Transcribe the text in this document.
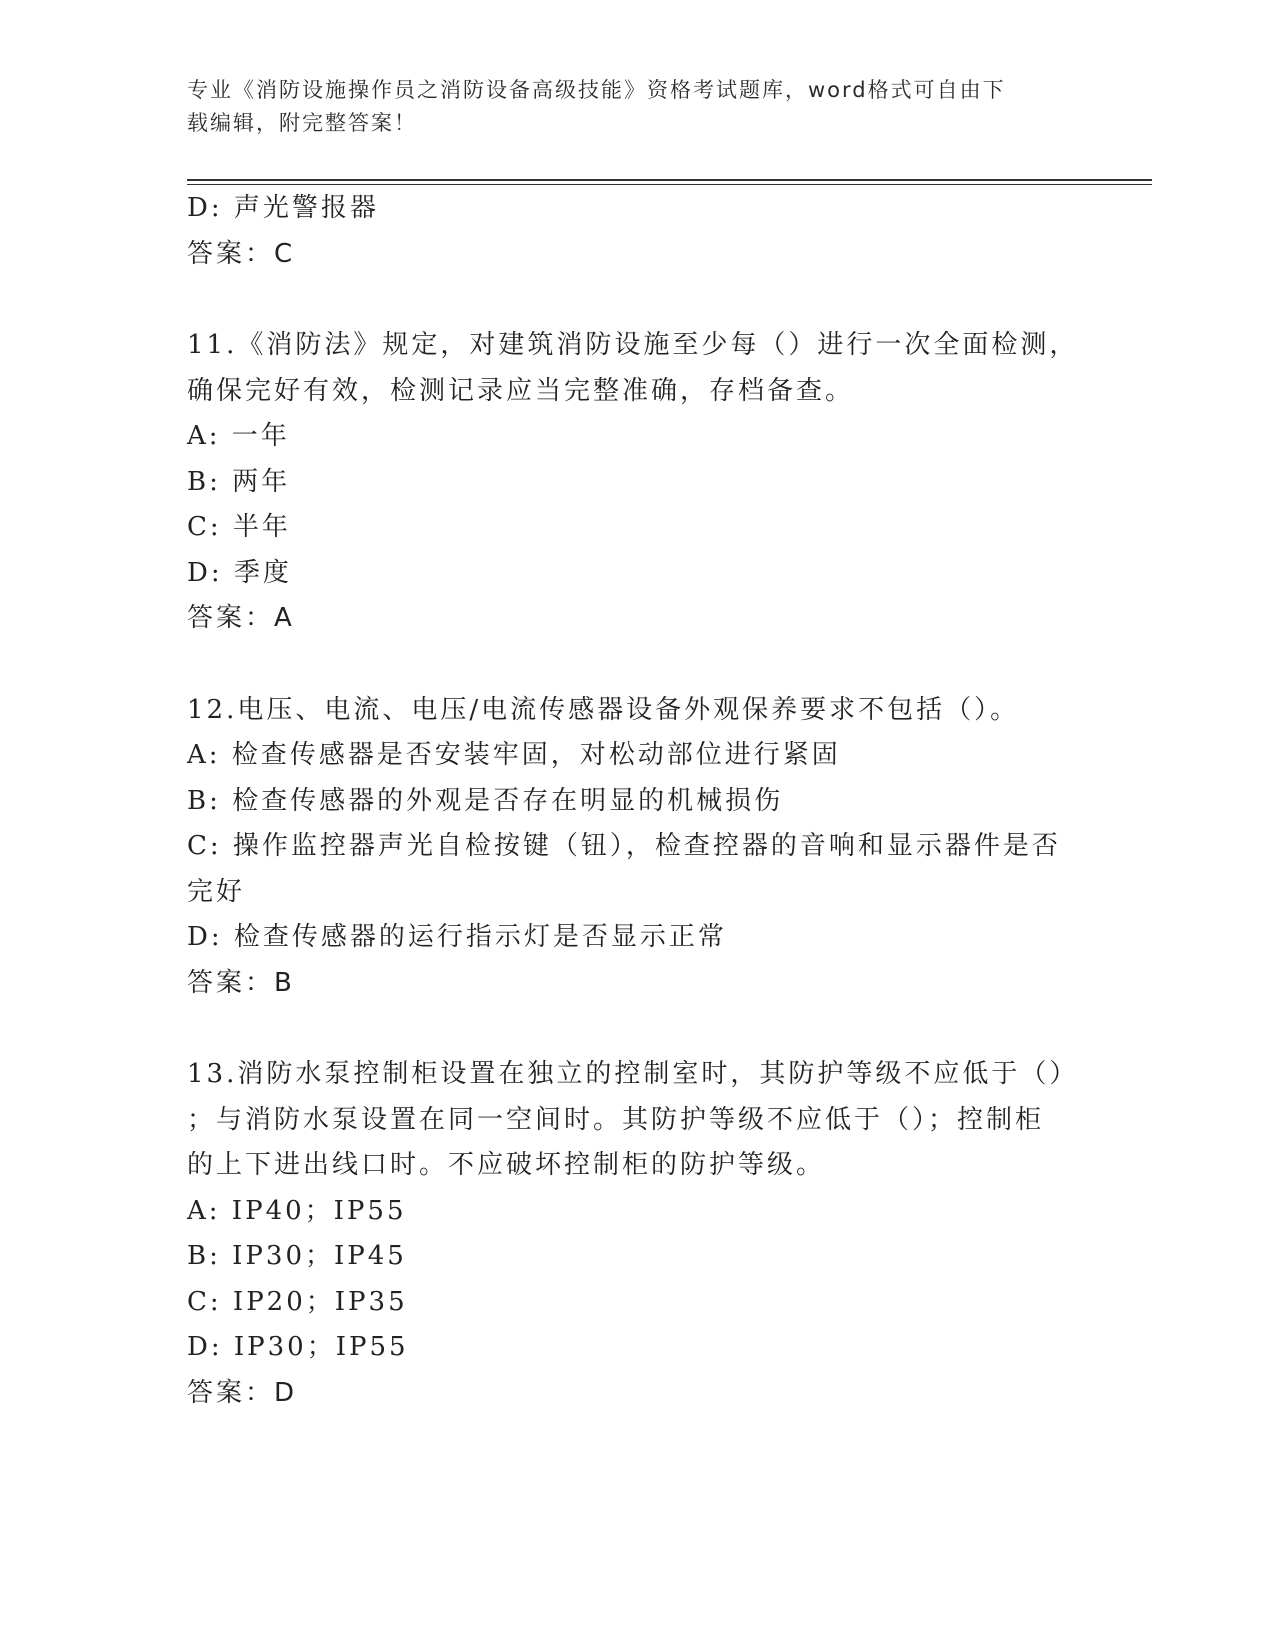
专业《消防设施操作员之消防设备高级技能》资格考试题库，word格式可自由下
载编辑，附完整答案！
D: 声光警报器
答案：C
11.《消防法》规定，对建筑消防设施至少每（）进行一次全面检测，
确保完好有效，检测记录应当完整准确，存档备查。
A: 一年
B: 两年
C: 半年
D: 季度
答案：A
12.电压、电流、电压/电流传感器设备外观保养要求不包括（）。
A: 检查传感器是否安装牢固，对松动部位进行紧固
B: 检查传感器的外观是否存在明显的机械损伤
C: 操作监控器声光自检按键（钮），检查控器的音响和显示器件是否
完好
D: 检查传感器的运行指示灯是否显示正常
答案：B
13.消防水泵控制柜设置在独立的控制室时，其防护等级不应低于（）
；与消防水泵设置在同一空间时。其防护等级不应低于（）；控制柜
的上下进出线口时。不应破坏控制柜的防护等级。
A: IP40；IP55
B: IP30；IP45
C: IP20；IP35
D: IP30；IP55
答案：D
